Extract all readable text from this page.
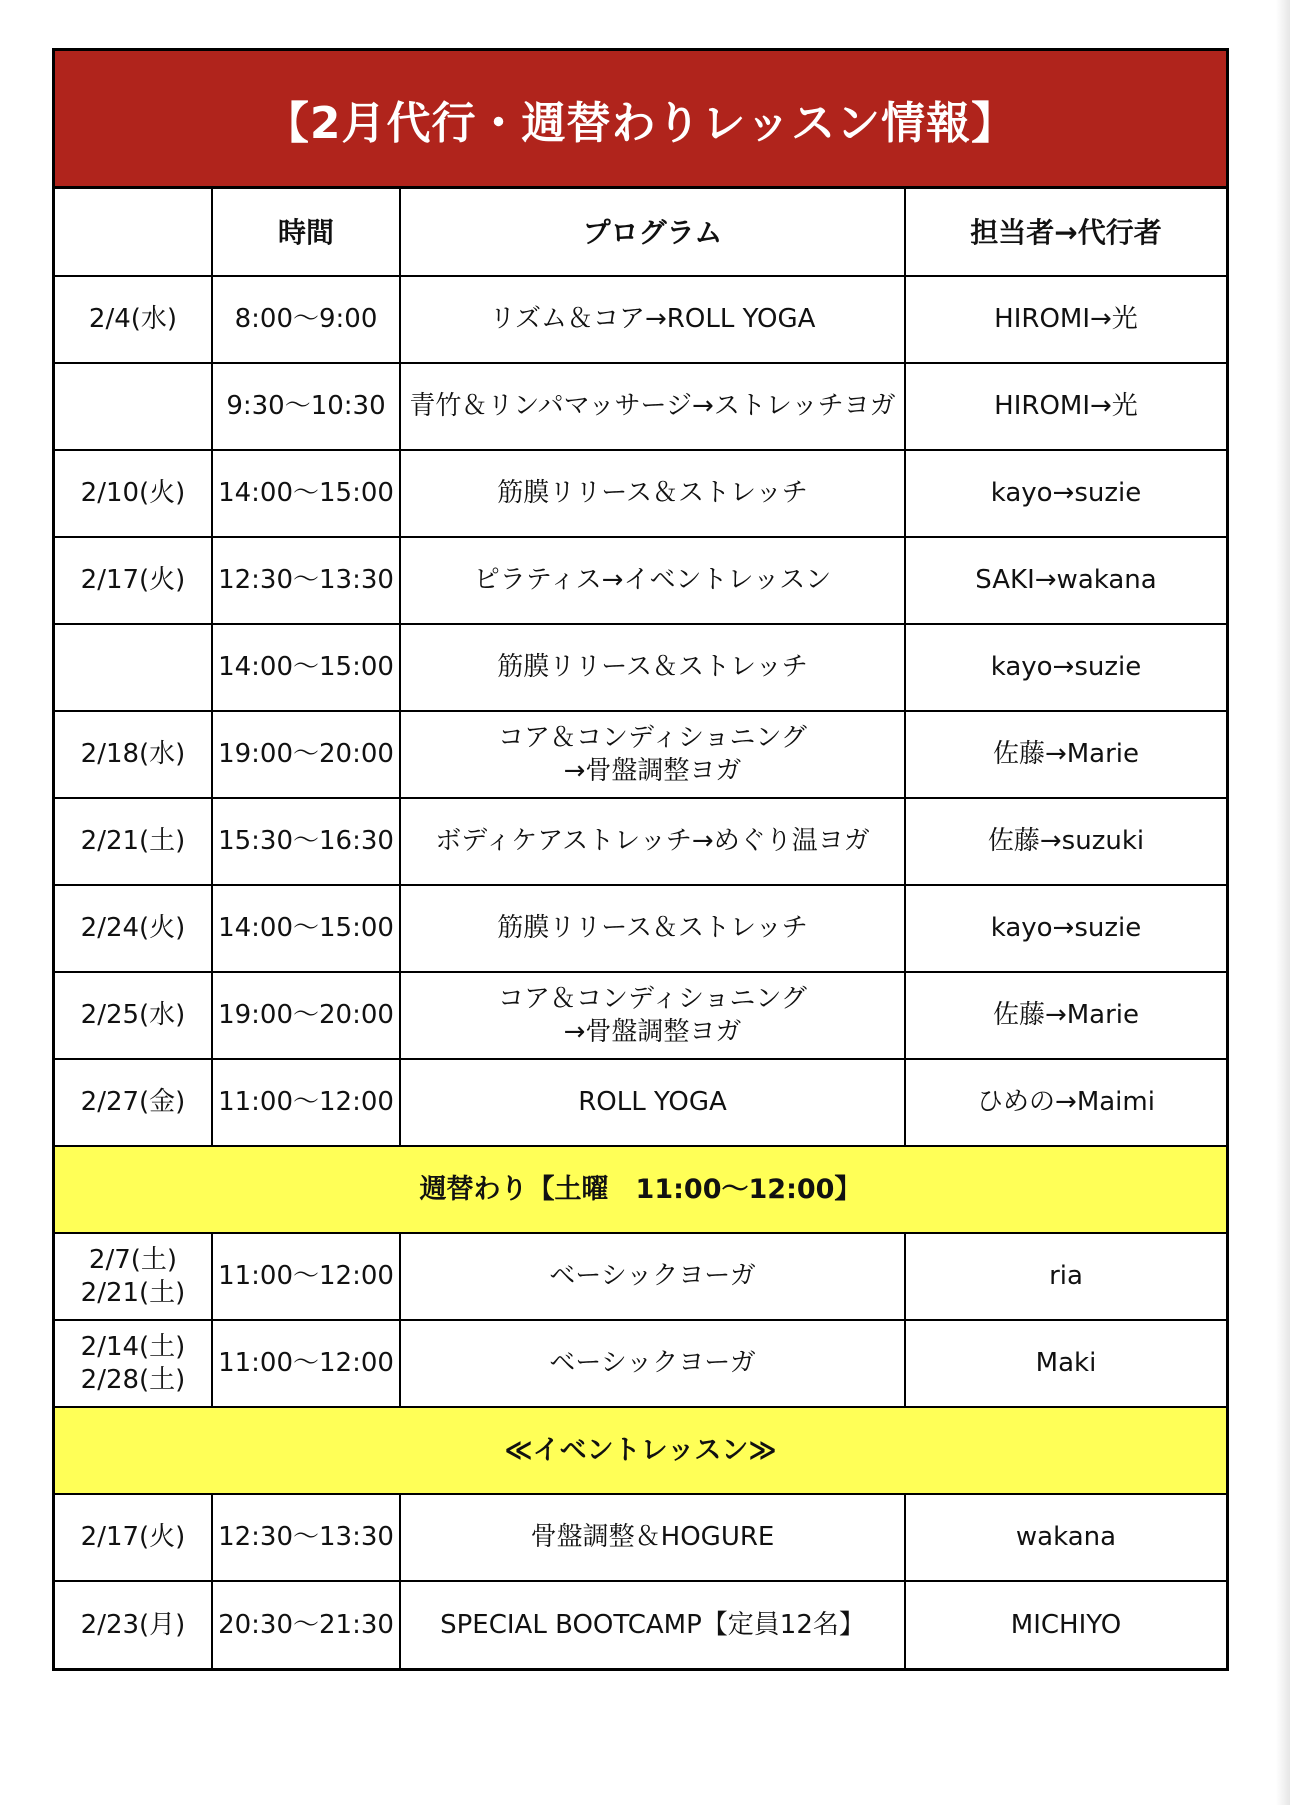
【2月代行・週替わりレッスン情報】
	時間	プログラム	担当者→代行者

2/4(水)	8:00〜9:00	リズム＆コア→ROLL YOGA	HIROMI→光

	9:30〜10:30	青竹＆リンパマッサージ→ストレッチヨガ	HIROMI→光

2/10(火)	14:00〜15:00	筋膜リリース＆ストレッチ	kayo→suzie

2/17(火)	12:30〜13:30	ピラティス→イベントレッスン	SAKI→wakana

	14:00〜15:00	筋膜リリース＆ストレッチ	kayo→suzie

2/18(水)	19:00〜20:00	コア＆コンディショニング
→骨盤調整ヨガ	佐藤→Marie

2/21(土)	15:30〜16:30	ボディケアストレッチ→めぐり温ヨガ	佐藤→suzuki

2/24(火)	14:00〜15:00	筋膜リリース＆ストレッチ	kayo→suzie

2/25(水)	19:00〜20:00	コア＆コンディショニング
→骨盤調整ヨガ	佐藤→Marie

2/27(金)	11:00〜12:00	ROLL YOGA	ひめの→Maimi
週替わり【土曜　11:00〜12:00】			

2/7(土)
2/21(土)	11:00〜12:00	ベーシックヨーガ	ria

2/14(土)
2/28(土)	11:00〜12:00	ベーシックヨーガ	Maki
≪イベントレッスン≫			

2/17(火)	12:30〜13:30	骨盤調整＆HOGURE	wakana

2/23(月)	20:30〜21:30	SPECIAL BOOTCAMP【定員12名】	MICHIYO
